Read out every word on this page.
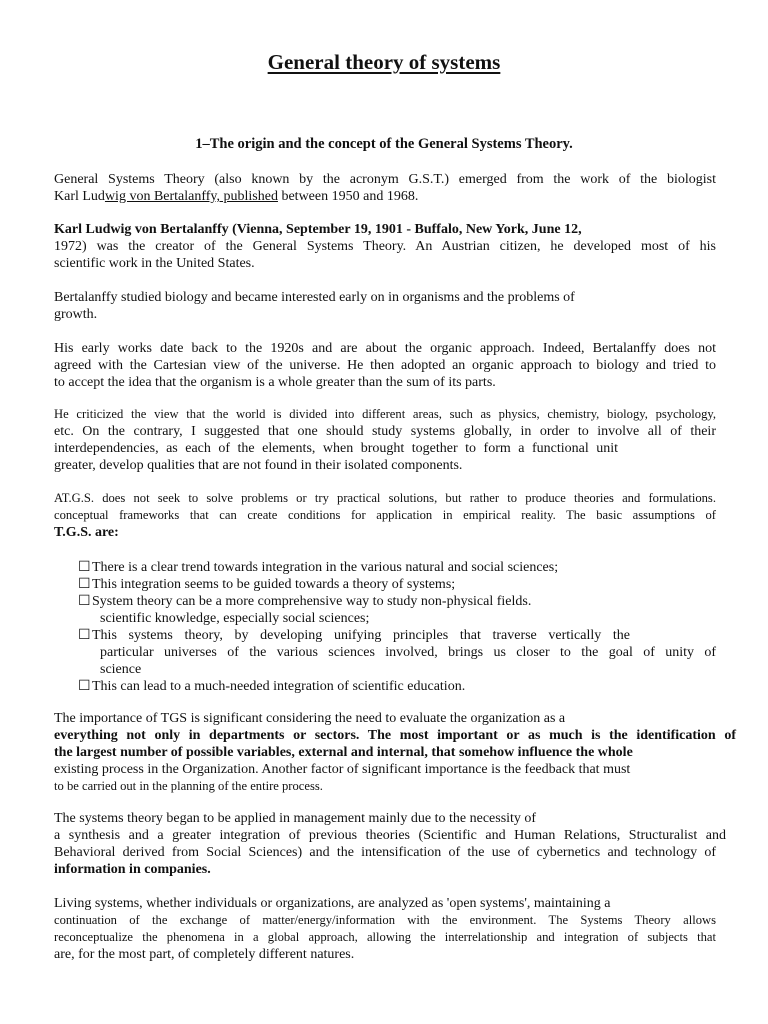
General theory of systems
1–The origin and the concept of the General Systems Theory.
General Systems Theory (also known by the acronym G.S.T.) emerged from the work of the biologist
Karl Ludwig von Bertalanffy, published between 1950 and 1968.
Karl Ludwig von Bertalanffy (Vienna, September 19, 1901 - Buffalo, New York, June 12,
1972) was the creator of the General Systems Theory. An Austrian citizen, he developed most of his
scientific work in the United States.
Bertalanffy studied biology and became interested early on in organisms and the problems of
growth.
His early works date back to the 1920s and are about the organic approach. Indeed, Bertalanffy does not
agreed with the Cartesian view of the universe. He then adopted an organic approach to biology and tried to
to accept the idea that the organism is a whole greater than the sum of its parts.
He criticized the view that the world is divided into different areas, such as physics, chemistry, biology, psychology,
etc. On the contrary, I suggested that one should study systems globally, in order to involve all of their
interdependencies, as each of the elements, when brought together to form a functional unit
greater, develop qualities that are not found in their isolated components.
AT.G.S. does not seek to solve problems or try practical solutions, but rather to produce theories and formulations.
conceptual frameworks that can create conditions for application in empirical reality. The basic assumptions of
T.G.S. are:
☐There is a clear trend towards integration in the various natural and social sciences;
☐This integration seems to be guided towards a theory of systems;
☐System theory can be a more comprehensive way to study non-physical fields.
scientific knowledge, especially social sciences;
☐ This systems theory, by developing unifying principles that traverse vertically the
particular universes of the various sciences involved, brings us closer to the goal of unity of
science
☐This can lead to a much-needed integration of scientific education.
The importance of TGS is significant considering the need to evaluate the organization as a
everything not only in departments or sectors. The most important or as much is the identification of
the largest number of possible variables, external and internal, that somehow influence the whole
existing process in the Organization. Another factor of significant importance is the feedback that must
to be carried out in the planning of the entire process.
The systems theory began to be applied in management mainly due to the necessity of
a synthesis and a greater integration of previous theories (Scientific and Human Relations, Structuralist and
Behavioral derived from Social Sciences) and the intensification of the use of cybernetics and technology of
information in companies.
Living systems, whether individuals or organizations, are analyzed as 'open systems', maintaining a
continuation of the exchange of matter/energy/information with the environment. The Systems Theory allows
reconceptualize the phenomena in a global approach, allowing the interrelationship and integration of subjects that
are, for the most part, of completely different natures.
